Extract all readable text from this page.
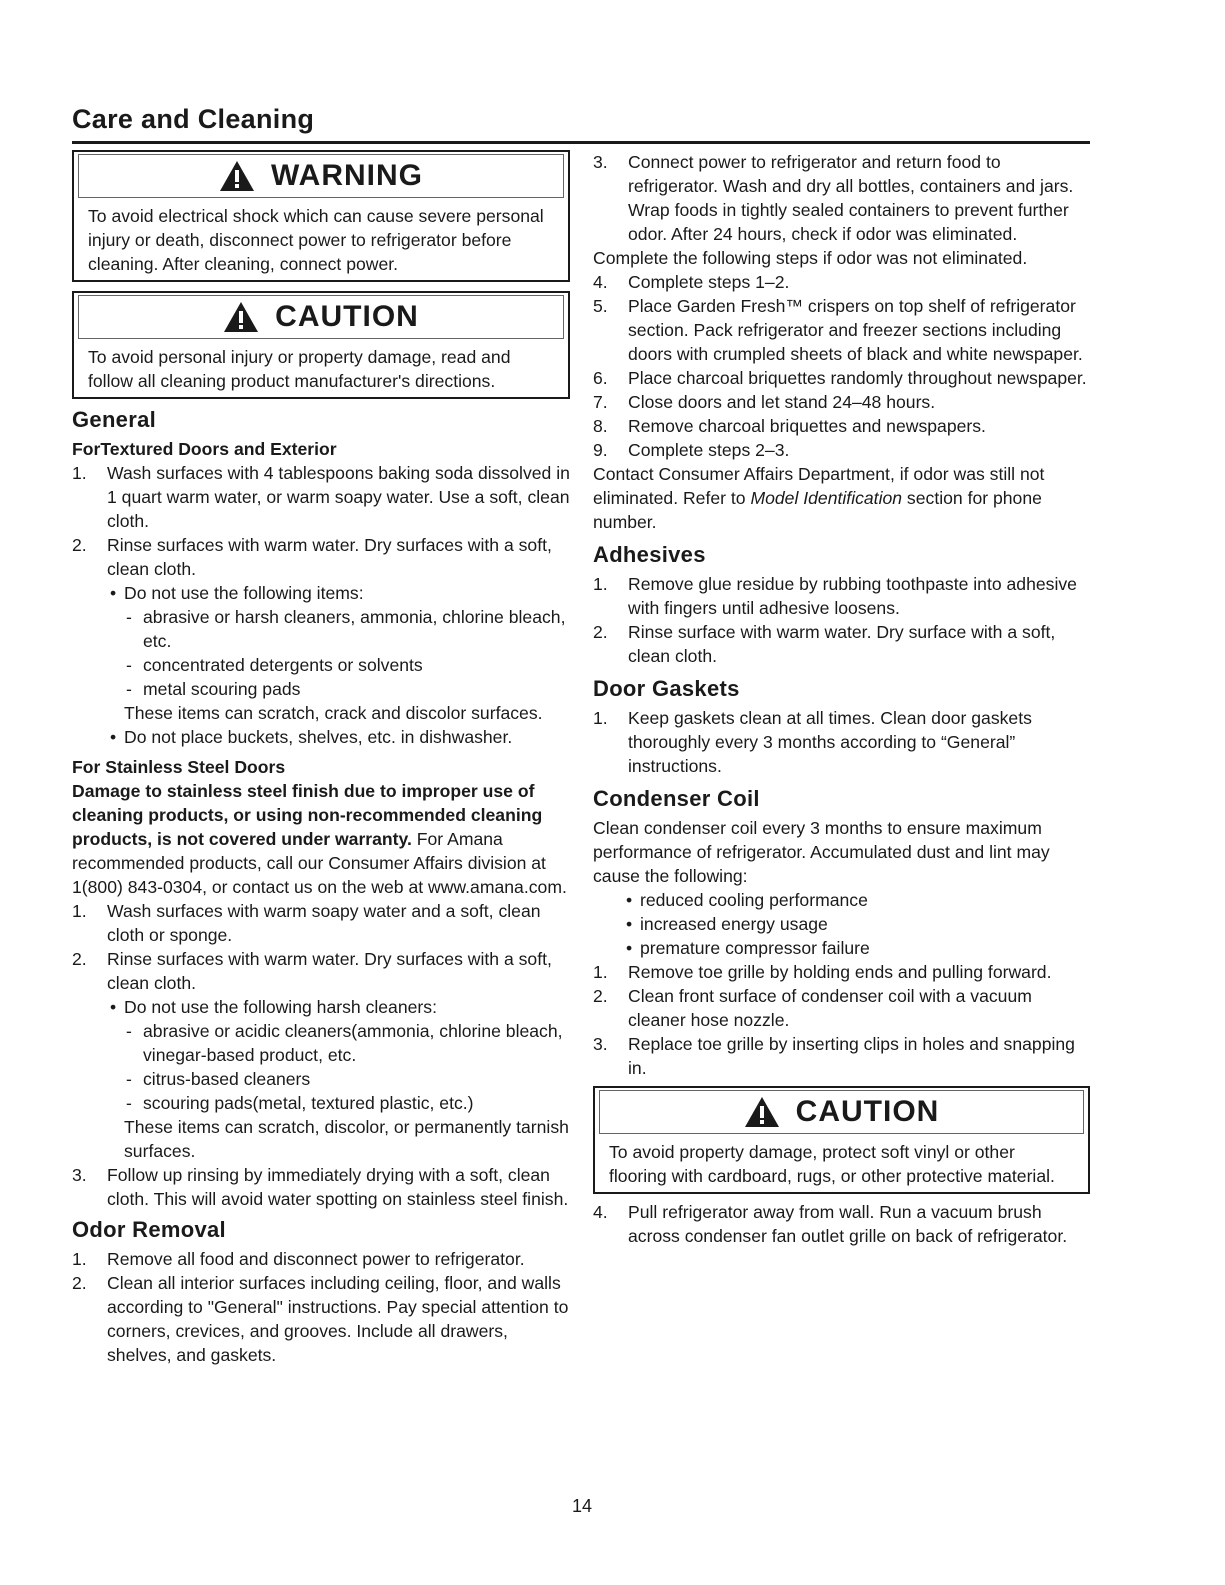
Care and Cleaning
WARNING

To avoid electrical shock which can cause severe personal injury or death, disconnect power to refrigerator before cleaning. After cleaning, connect power.

CAUTION

To avoid personal injury or property damage, read and follow all cleaning product manufacturer's directions.

General
ForTextured Doors and Exterior
1. Wash surfaces with 4 tablespoons baking soda dissolved in 1 quart warm water, or warm soapy water. Use a soft, clean cloth.
2. Rinse surfaces with warm water. Dry surfaces with a soft, clean cloth.
• Do not use the following items:
- abrasive or harsh cleaners, ammonia, chlorine bleach, etc.
- concentrated detergents or solvents
- metal scouring pads
These items can scratch, crack and discolor surfaces.
• Do not place buckets, shelves, etc. in dishwasher.
For Stainless Steel Doors

Damage to stainless steel finish due to improper use of cleaning products, or using non-recommended cleaning products, is not covered under warranty. For Amana recommended products, call our Consumer Affairs division at 1(800) 843-0304, or contact us on the web at www.amana.com.

1. Wash surfaces with warm soapy water and a soft, clean cloth or sponge.
2. Rinse surfaces with warm water. Dry surfaces with a soft, clean cloth.
• Do not use the following harsh cleaners:
- abrasive or acidic cleaners(ammonia, chlorine bleach, vinegar-based product, etc.
- citrus-based cleaners
- scouring pads(metal, textured plastic, etc.)
These items can scratch, discolor, or permanently tarnish surfaces.
3. Follow up rinsing by immediately drying with a soft, clean cloth. This will avoid water spotting on stainless steel finish.
Odor Removal
1. Remove all food and disconnect power to refrigerator.
2. Clean all interior surfaces including ceiling, floor, and walls according to "General" instructions. Pay special attention to corners, crevices, and grooves. Include all drawers, shelves, and gaskets.
3. Connect power to refrigerator and return food to refrigerator. Wash and dry all bottles, containers and jars. Wrap foods in tightly sealed containers to prevent further odor. After 24 hours, check if odor was eliminated.

Complete the following steps if odor was not eliminated.

4. Complete steps 1–2.
5. Place Garden Fresh™ crispers on top shelf of refrigerator section. Pack refrigerator and freezer sections including doors with crumpled sheets of black and white newspaper.
6. Place charcoal briquettes randomly throughout newspaper.
7. Close doors and let stand 24–48 hours.
8. Remove charcoal briquettes and newspapers.
9. Complete steps 2–3.

Contact Consumer Affairs Department, if odor was still not eliminated. Refer to Model Identification section for phone number.

Adhesives
1. Remove glue residue by rubbing toothpaste into adhesive with fingers until adhesive loosens.
2. Rinse surface with warm water. Dry surface with a soft, clean cloth.
Door Gaskets
1. Keep gaskets clean at all times. Clean door gaskets thoroughly every 3 months according to “General” instructions.
Condenser Coil

Clean condenser coil every 3 months to ensure maximum performance of refrigerator. Accumulated dust and lint may cause the following:

• reduced cooling performance
• increased energy usage
• premature compressor failure
1. Remove toe grille by holding ends and pulling forward.
2. Clean front surface of condenser coil with a vacuum cleaner hose nozzle.
3. Replace toe grille by inserting clips in holes and snapping in.
CAUTION

To avoid property damage, protect soft vinyl or other flooring with cardboard, rugs, or other protective material.

4. Pull refrigerator away from wall. Run a vacuum brush across condenser fan outlet grille on back of refrigerator.
14
